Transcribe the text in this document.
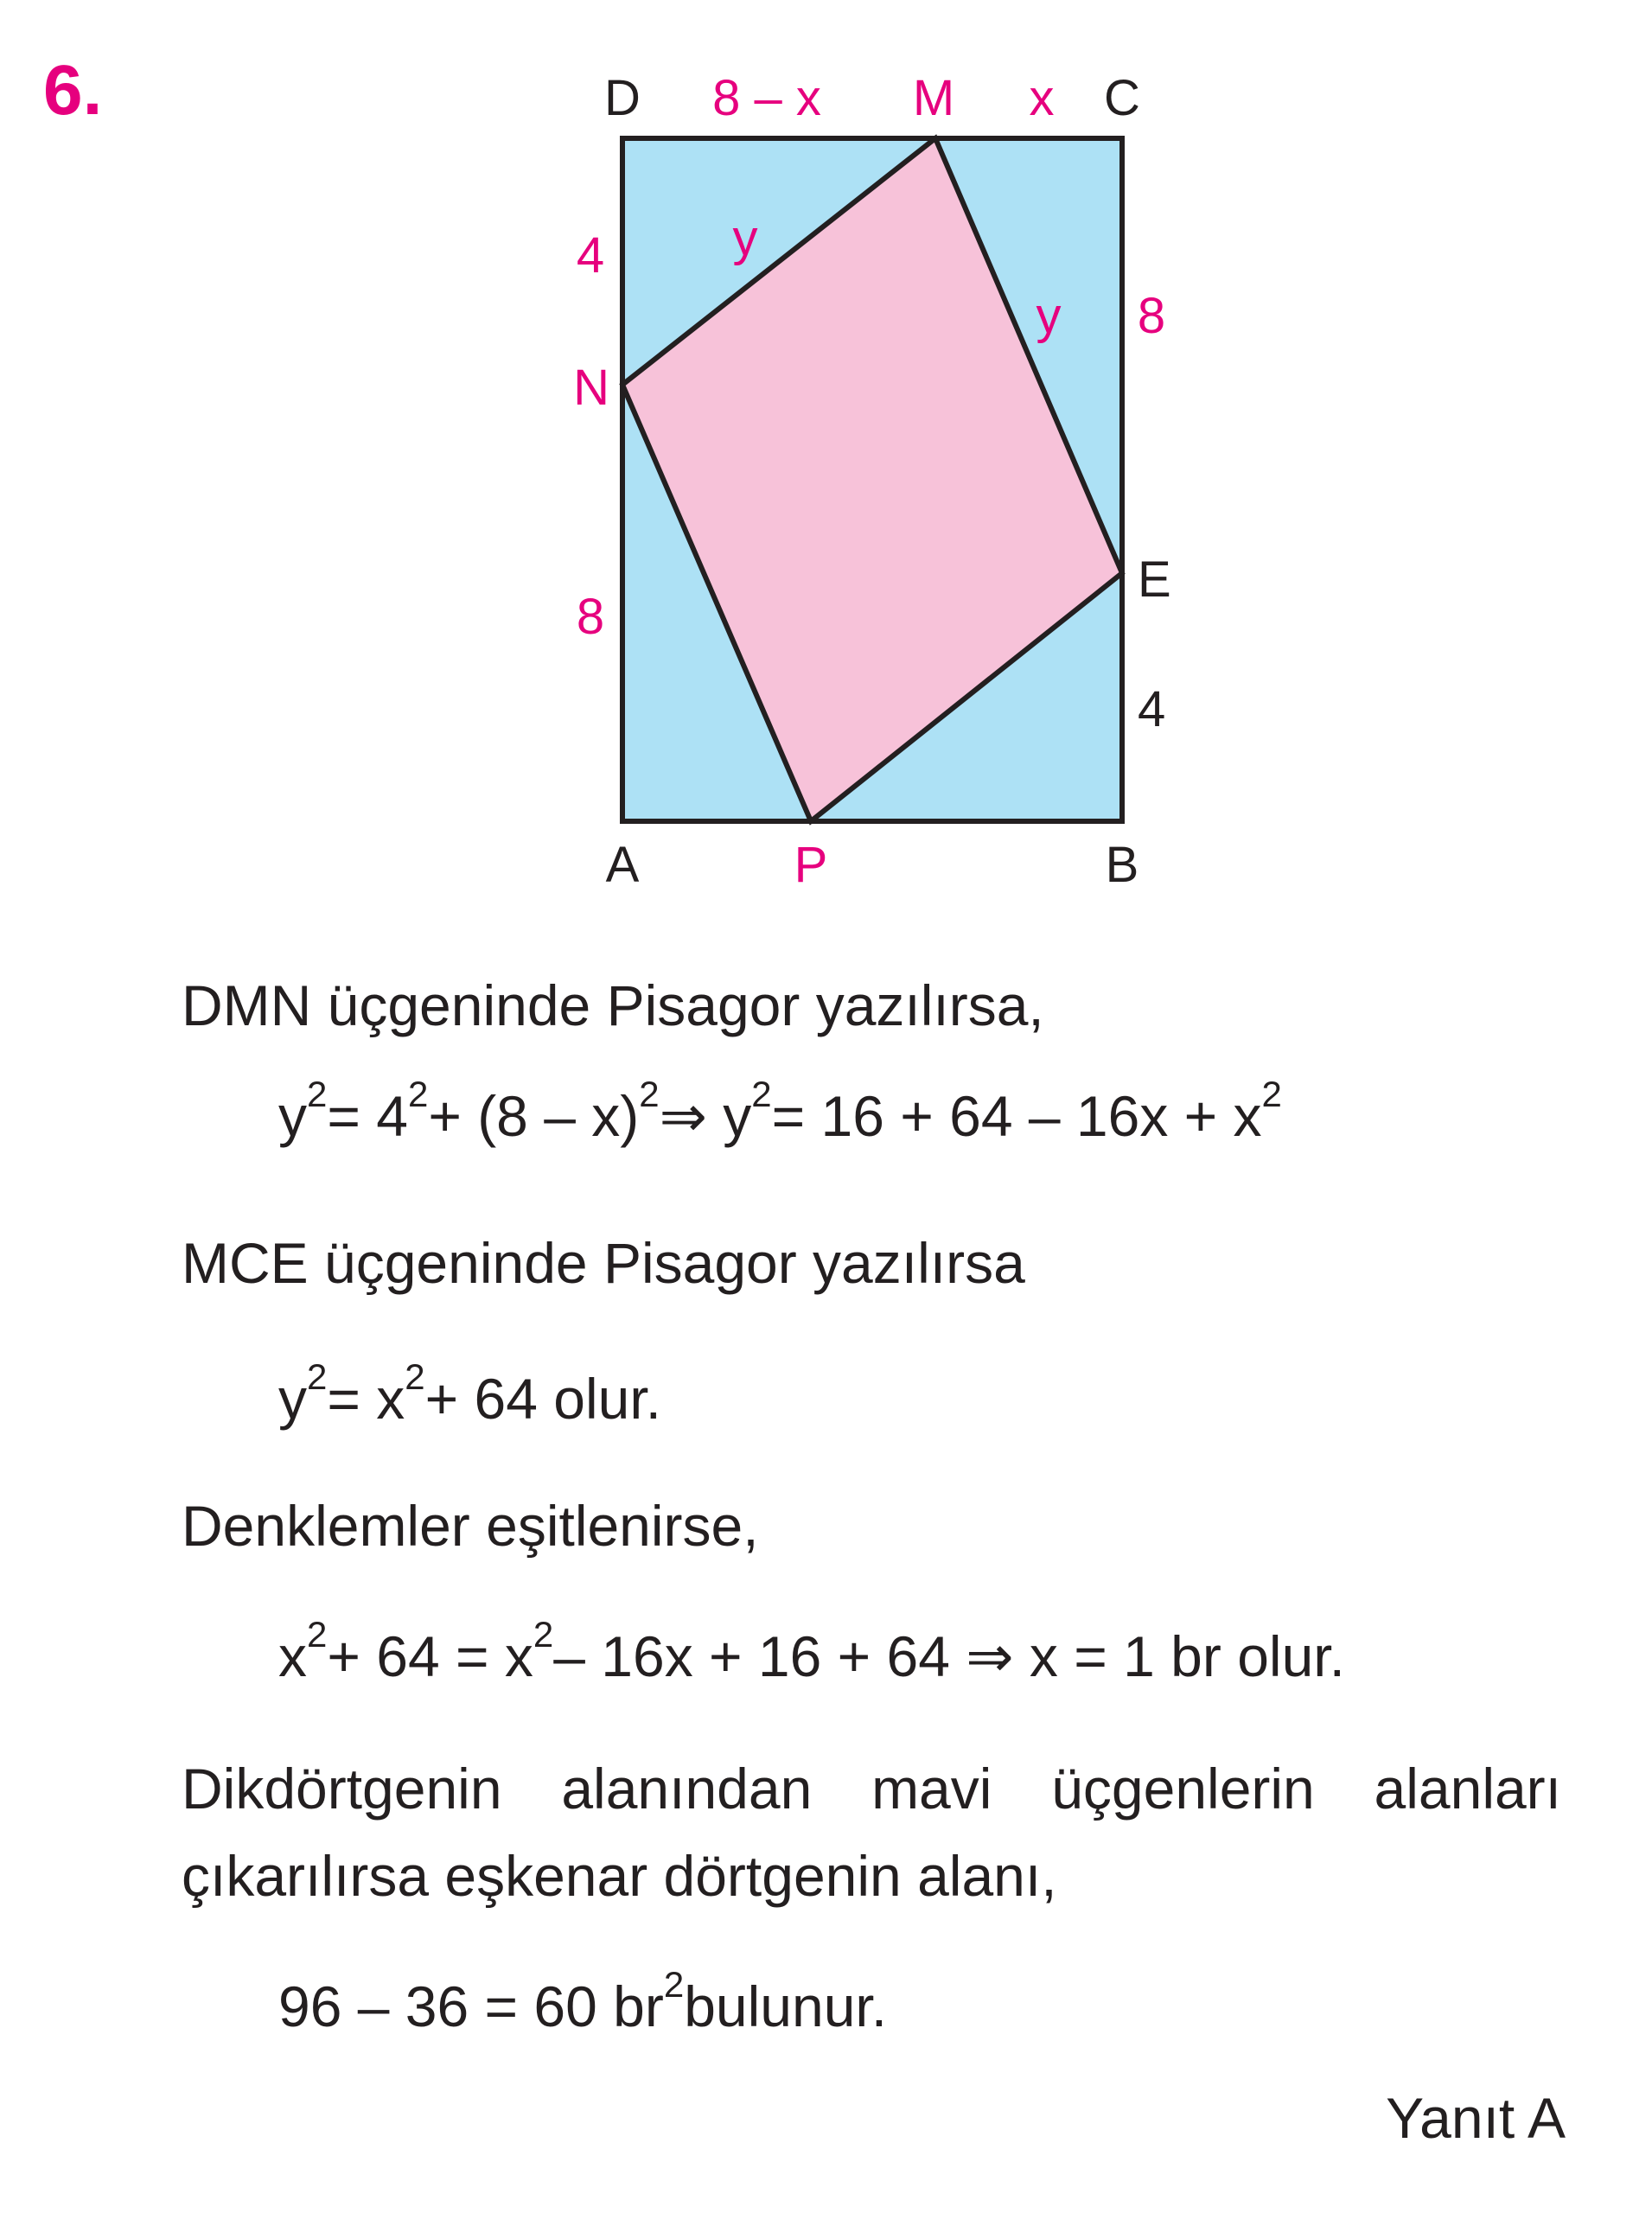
6.	D	C
A	B
E
4
M
N
P
8 – x	x
4
8
y
y 8
DMN üçgeninde Pisagor yazılırsa,
y2= 42+ (8 – x)2⇒ y2= 16 + 64 – 16x + x2
MCE üçgeninde Pisagor yazılırsa
y2= x2+ 64 olur.
Denklemler eşitlenirse,
x2+ 64 = x2– 16x + 16 + 64 ⇒ x = 1 br olur.
Dikdörtgenin alanından mavi üçgenlerin alanları
çıkarılırsa eşkenar dörtgenin alanı,
96 – 36 = 60 br2bulunur.
Yanıt A
